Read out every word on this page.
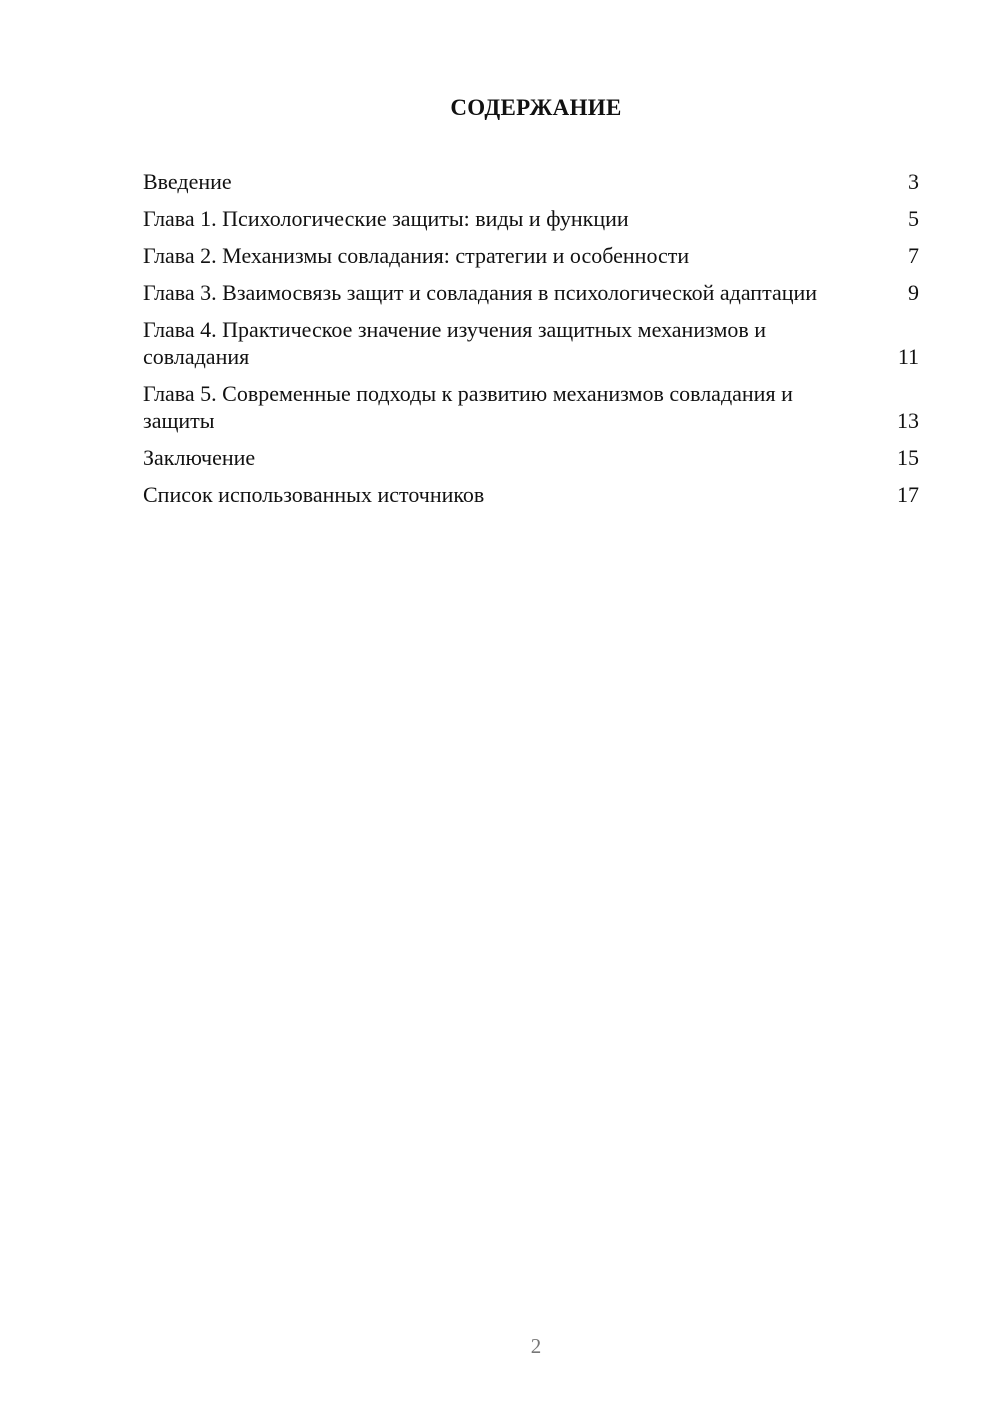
СОДЕРЖАНИЕ
Введение	3
Глава 1. Психологические защиты: виды и функции	5
Глава 2. Механизмы совладания: стратегии и особенности	7
Глава 3. Взаимосвязь защит и совладания в психологической адаптации	9
Глава 4. Практическое значение изучения защитных механизмов и совладания	11
Глава 5. Современные подходы к развитию механизмов совладания и защиты	13
Заключение	15
Список использованных источников	17
2
